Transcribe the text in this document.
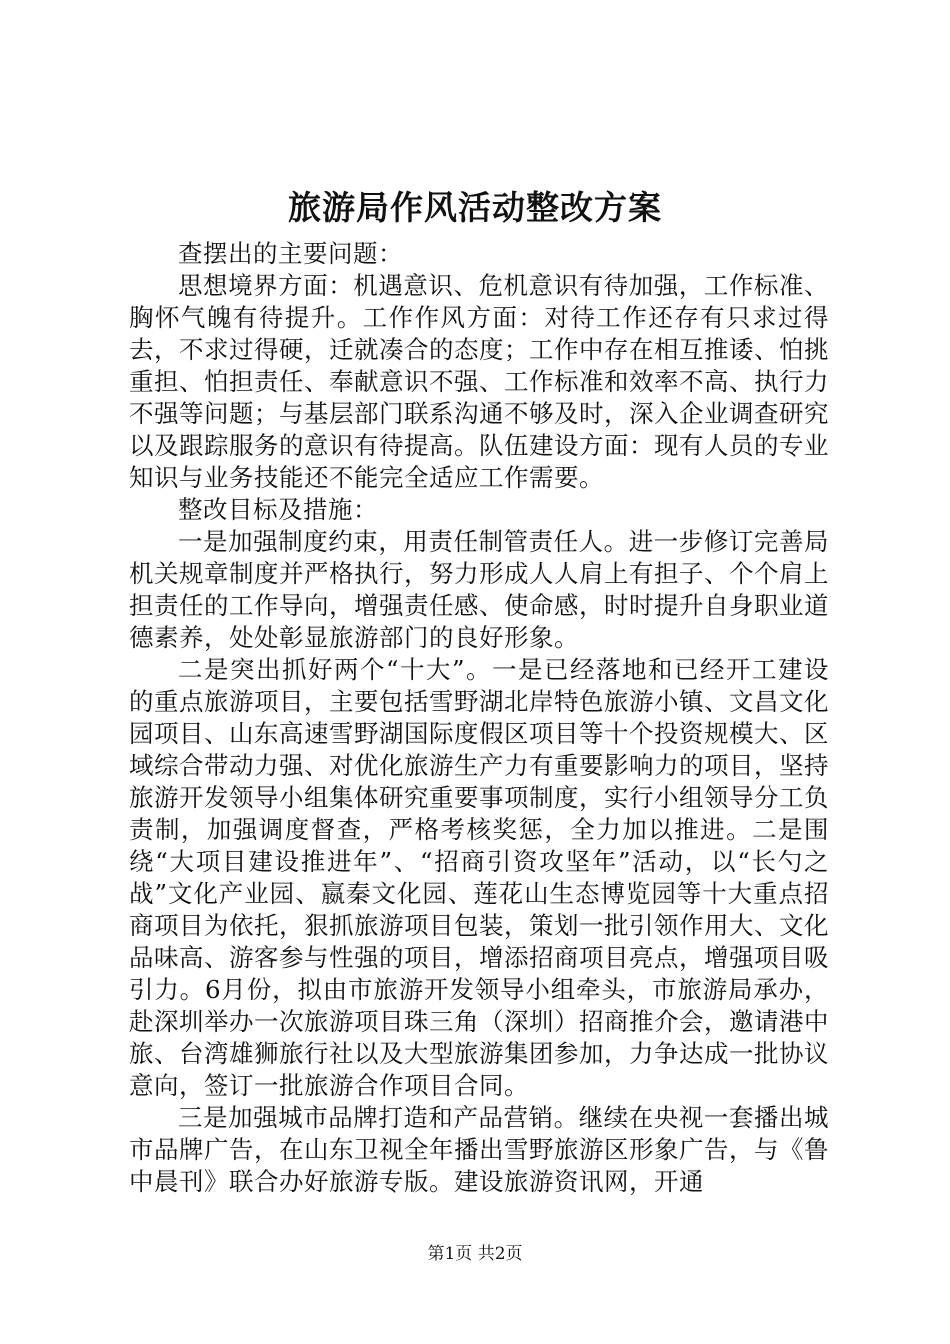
旅游局作风活动整改方案

查摆出的主要问题：

思想境界方面：机遇意识、危机意识有待加强，工作标准、胸怀气魄有待提升。工作作风方面：对待工作还存有只求过得去，不求过得硬，迁就凑合的态度；工作中存在相互推诿、怕挑重担、怕担责任、奉献意识不强、工作标准和效率不高、执行力不强等问题；与基层部门联系沟通不够及时，深入企业调查研究以及跟踪服务的意识有待提高。队伍建设方面：现有人员的专业知识与业务技能还不能完全适应工作需要。

整改目标及措施：

一是加强制度约束，用责任制管责任人。进一步修订完善局机关规章制度并严格执行，努力形成人人肩上有担子、个个肩上担责任的工作导向，增强责任感、使命感，时时提升自身职业道德素养，处处彰显旅游部门的良好形象。

二是突出抓好两个“十大”。一是已经落地和已经开工建设的重点旅游项目，主要包括雪野湖北岸特色旅游小镇、文昌文化园项目、山东高速雪野湖国际度假区项目等十个投资规模大、区域综合带动力强、对优化旅游生产力有重要影响力的项目，坚持旅游开发领导小组集体研究重要事项制度，实行小组领导分工负责制，加强调度督查，严格考核奖惩，全力加以推进。二是围绕“大项目建设推进年”、“招商引资攻坚年”活动，以“长勺之战”文化产业园、嬴秦文化园、莲花山生态博览园等十大重点招商项目为依托，狠抓旅游项目包装，策划一批引领作用大、文化品味高、游客参与性强的项目，增添招商项目亮点，增强项目吸引力。6月份，拟由市旅游开发领导小组牵头，市旅游局承办，赴深圳举办一次旅游项目珠三角（深圳）招商推介会，邀请港中旅、台湾雄狮旅行社以及大型旅游集团参加，力争达成一批协议意向，签订一批旅游合作项目合同。

三是加强城市品牌打造和产品营销。继续在央视一套播出城市品牌广告，在山东卫视全年播出雪野旅游区形象广告，与《鲁中晨刊》联合办好旅游专版。建设旅游资讯网，开通

第1页 共2页
